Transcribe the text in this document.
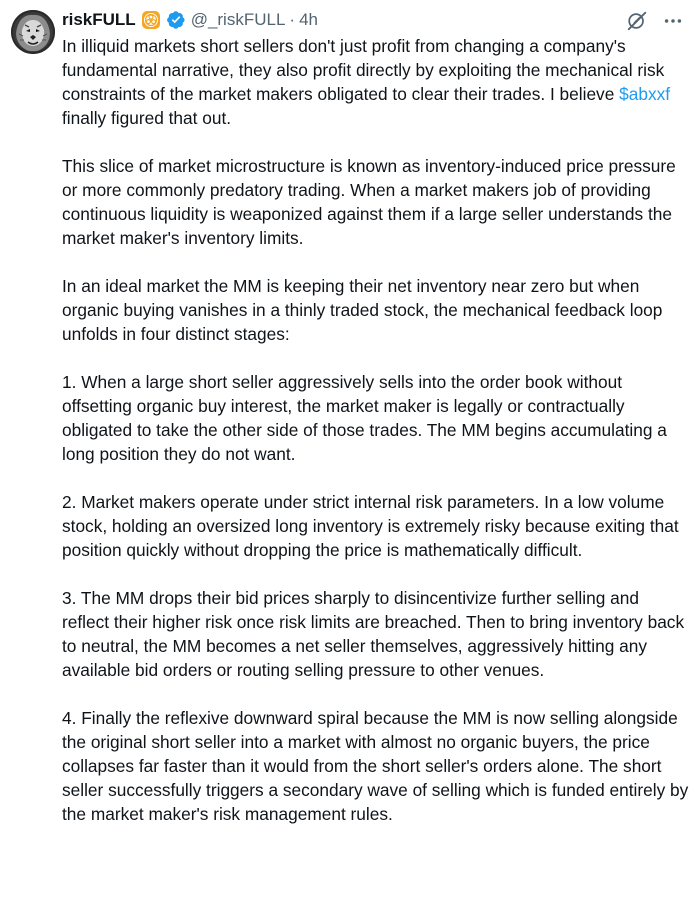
riskFULL	@_riskFULL · 4h

In illiquid markets short sellers don't just profit from changing a company's fundamental narrative, they also profit directly by exploiting the mechanical risk constraints of the market makers obligated to clear their trades. I believe $abxxf finally figured that out.

This slice of market microstructure is known as inventory-induced price pressure or more commonly predatory trading. When a market makers job of providing continuous liquidity is weaponized against them if a large seller understands the market maker's inventory limits.

In an ideal market the MM is keeping their net inventory near zero but when organic buying vanishes in a thinly traded stock, the mechanical feedback loop unfolds in four distinct stages:

1. When a large short seller aggressively sells into the order book without offsetting organic buy interest, the market maker is legally or contractually obligated to take the other side of those trades. The MM begins accumulating a long position they do not want.

2. Market makers operate under strict internal risk parameters. In a low volume stock, holding an oversized long inventory is extremely risky because exiting that position quickly without dropping the price is mathematically difficult.

3. The MM drops their bid prices sharply to disincentivize further selling and reflect their higher risk once risk limits are breached. Then to bring inventory back to neutral, the MM becomes a net seller themselves, aggressively hitting any available bid orders or routing selling pressure to other venues.

4. Finally the reflexive downward spiral because the MM is now selling alongside the original short seller into a market with almost no organic buyers, the price collapses far faster than it would from the short seller's orders alone. The short seller successfully triggers a secondary wave of selling which is funded entirely by the market maker's risk management rules.
